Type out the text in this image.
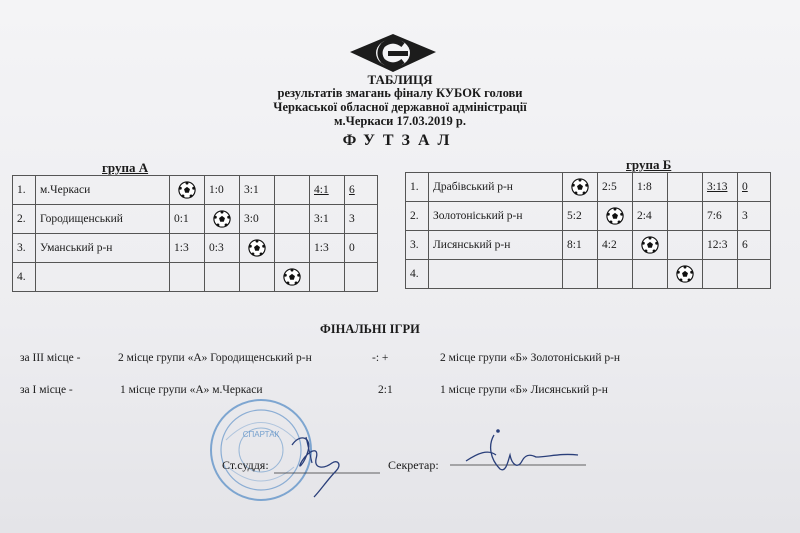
ТАБЛИЦЯ
результатів змагань фіналу КУБОК голови
Черкаської обласної державної адміністрації
м.Черкаси 17.03.2019 р.
ФУТЗАЛ
група А
1.	м.Черкаси		1:0	3:1		4:1	6
2.	Городищенський	0:1		3:0		3:1	3
3.	Уманський р-н	1:3	0:3			1:3	0
4.							
група Б
1.	Драбівський р-н		2:5	1:8		3:13	0
2.	Золотоніський р-н	5:2		2:4		7:6	3
3.	Лисянський р-н	8:1	4:2			12:3	6
4.							
ФІНАЛЬНІ ІГРИ
за ІІІ місце -	2 місце групи «А» Городищенський р-н	-: +	2 місце групи «Б» Золотоніський р-н
за І місце -	1 місце групи «А» м.Черкаси	2:1	1 місце групи «Б» Лисянський р-н
СПАРТАК
Ст.суддя:	Секретар:
